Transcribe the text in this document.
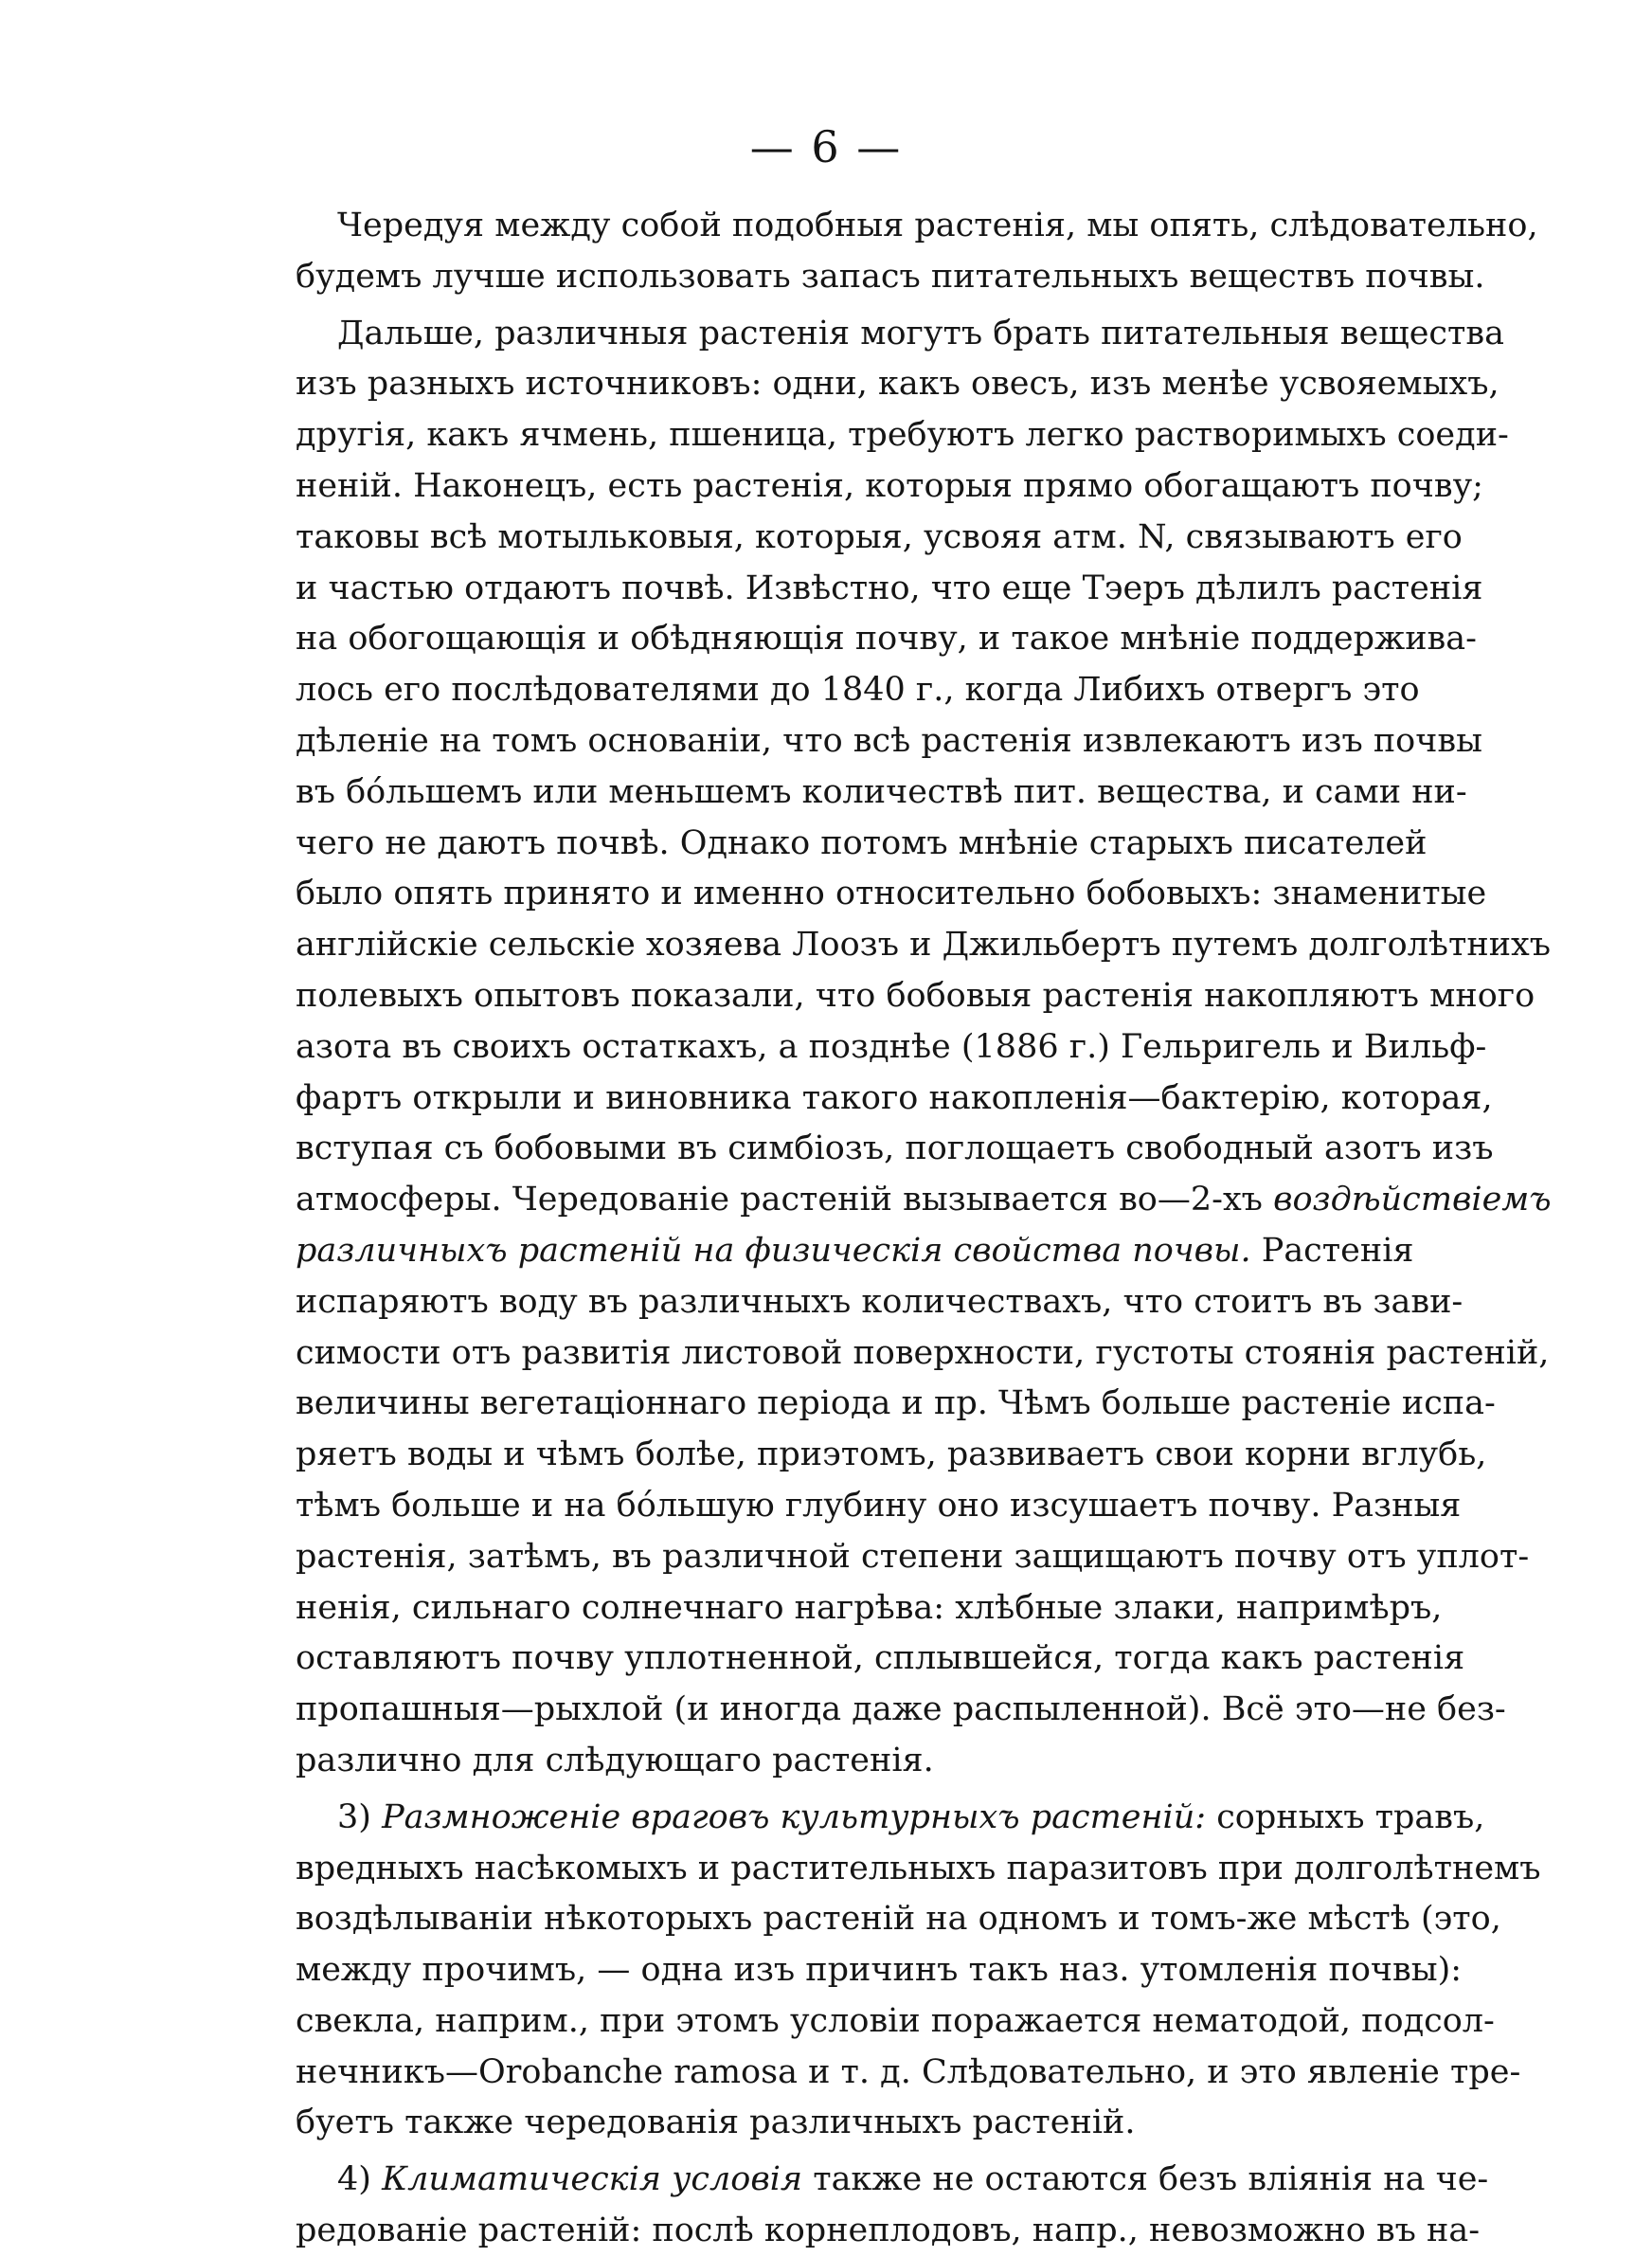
— 6 —
Чередуя между собой подобныя растенія, мы опять, слѣдовательно,
будемъ лучше использовать запасъ питательныхъ веществъ почвы.
Дальше, различныя растенія могутъ брать питательныя вещества
изъ разныхъ источниковъ: одни, какъ овесъ, изъ менѣе усвояемыхъ,
другія, какъ ячмень, пшеница, требуютъ легко растворимыхъ соеди-
неній. Наконецъ, есть растенія, которыя прямо обогащаютъ почву;
таковы всѣ мотыльковыя, которыя, усвояя атм. N, связываютъ его
и частью отдаютъ почвѣ. Извѣстно, что еще Тэеръ дѣлилъ растенія
на обогощающія и обѣдняющія почву, и такое мнѣніе поддержива-
лось его послѣдователями до 1840 г., когда Либихъ отвергъ это
дѣленіе на томъ основаніи, что всѣ растенія извлекаютъ изъ почвы
въ бо́льшемъ или меньшемъ количествѣ пит. вещества, и сами ни-
чего не даютъ почвѣ. Однако потомъ мнѣніе старыхъ писателей
было опять принято и именно относительно бобовыхъ: знаменитые
англійскіе сельскіе хозяева Лоозъ и Джильбертъ путемъ долголѣтнихъ
полевыхъ опытовъ показали, что бобовыя растенія накопляютъ много
азота въ своихъ остаткахъ, а позднѣе (1886 г.) Гельригель и Вильф-
фартъ открыли и виновника такого накопленія—бактерію, которая,
вступая съ бобовыми въ симбіозъ, поглощаетъ свободный азотъ изъ
атмосферы. Чередованіе растеній вызывается во—2-хъ воздѣйствіемъ
различныхъ растеній на физическія свойства почвы. Растенія
испаряютъ воду въ различныхъ количествахъ, что стоитъ въ зави-
симости отъ развитія листовой поверхности, густоты стоянія растеній,
величины вегетаціоннаго періода и пр. Чѣмъ больше растеніе испа-
ряетъ воды и чѣмъ болѣе, приэтомъ, развиваетъ свои корни вглубь,
тѣмъ больше и на бо́льшую глубину оно изсушаетъ почву. Разныя
растенія, затѣмъ, въ различной степени защищаютъ почву отъ уплот-
ненія, сильнаго солнечнаго нагрѣва: хлѣбные злаки, напримѣръ,
оставляютъ почву уплотненной, сплывшейся, тогда какъ растенія
пропашныя—рыхлой (и иногда даже распыленной). Всё это—не без-
различно для слѣдующаго растенія.
3) Размноженіе враговъ культурныхъ растеній: сорныхъ травъ,
вредныхъ насѣкомыхъ и растительныхъ паразитовъ при долголѣтнемъ
воздѣлываніи нѣкоторыхъ растеній на одномъ и томъ-же мѣстѣ (это,
между прочимъ, — одна изъ причинъ такъ наз. утомленія почвы):
свекла, наприм., при этомъ условіи поражается нематодой, подсол-
нечникъ—Orobanche ramosa и т. д. Слѣдовательно, и это явленіе тре-
буетъ также чередованія различныхъ растеній.
4) Климатическія условія также не остаются безъ вліянія на че-
редованіе растеній: послѣ корнеплодовъ, напр., невозможно въ на-
